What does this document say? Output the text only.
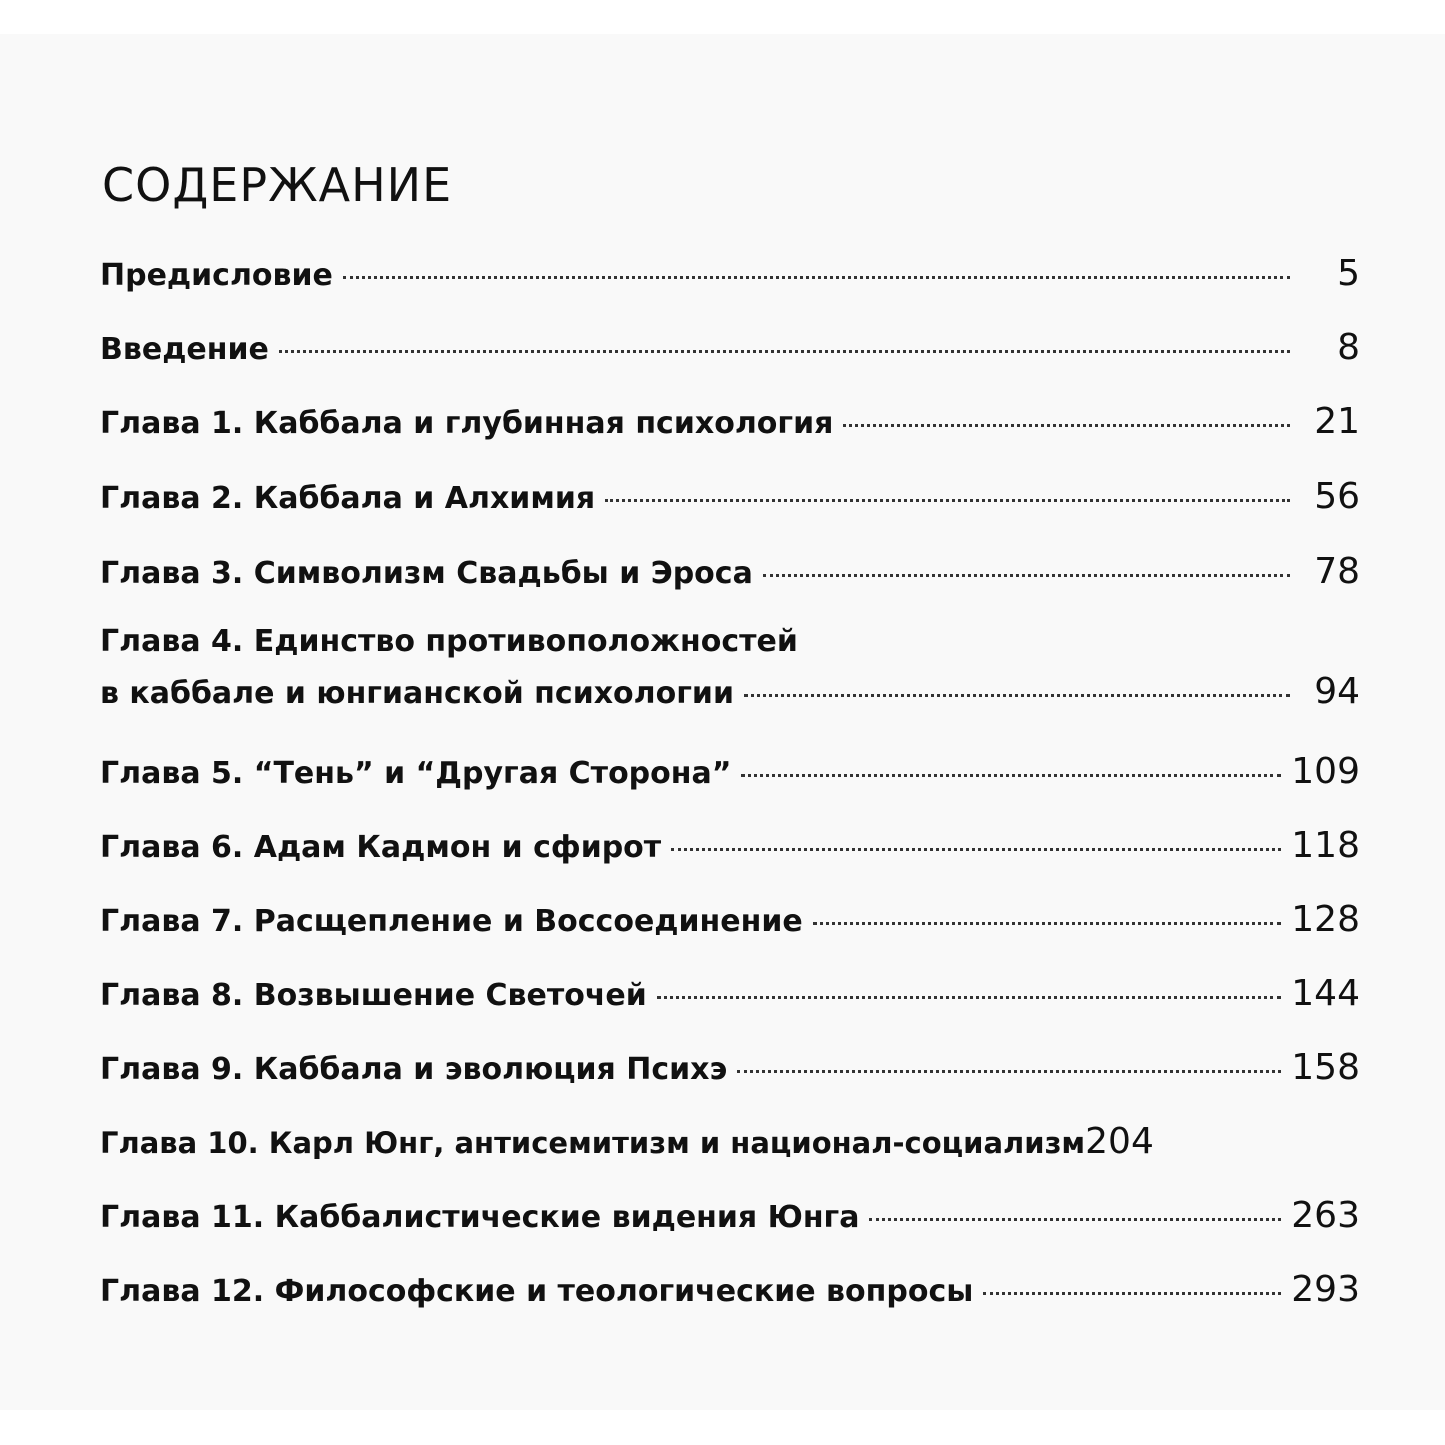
СОДЕРЖАНИЕ
Предисловие	5
Введение	8
Глава 1. Каббала и глубинная психология	21
Глава 2. Каббала и Алхимия	56
Глава 3. Символизм Свадьбы и Эроса	78
Глава 4. Единство противоположностей
в каббале и юнгианской психологии	94
Глава 5. “Тень” и “Другая Сторона”	109
Глава 6. Адам Кадмон и сфирот	118
Глава 7. Расщепление и Воссоединение	128
Глава 8. Возвышение Светочей	144
Глава 9. Каббала и эволюция Психэ	158
Глава 10. Карл Юнг, антисемитизм и национал-социализм 204
Глава 11. Каббалистические видения Юнга	263
Глава 12. Философские и теологические вопросы	293
